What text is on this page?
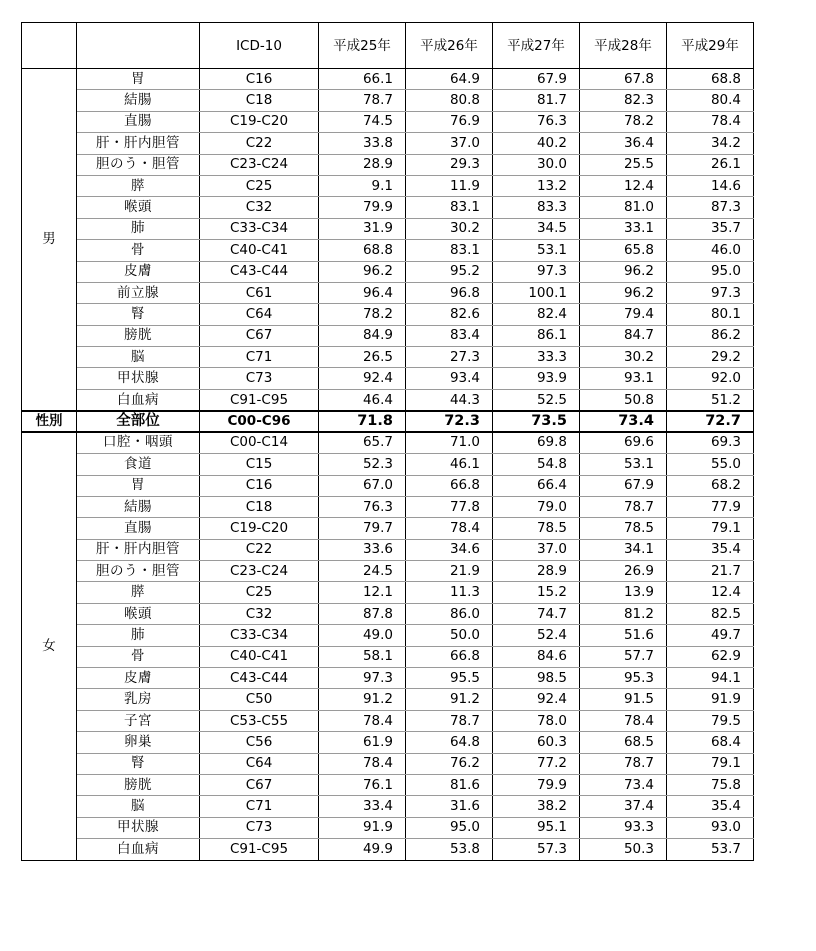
		ICD-10	平成25年	平成26年	平成27年	平成28年	平成29年
男	胃	C16	66.1	64.9	67.9	67.8	68.8
	結腸	C18	78.7	80.8	81.7	82.3	80.4
	直腸	C19-C20	74.5	76.9	76.3	78.2	78.4
	肝・肝内胆管	C22	33.8	37.0	40.2	36.4	34.2
	胆のう・胆管	C23-C24	28.9	29.3	30.0	25.5	26.1
	膵	C25	9.1	11.9	13.2	12.4	14.6
	喉頭	C32	79.9	83.1	83.3	81.0	87.3
	肺	C33-C34	31.9	30.2	34.5	33.1	35.7
	骨	C40-C41	68.8	83.1	53.1	65.8	46.0
	皮膚	C43-C44	96.2	95.2	97.3	96.2	95.0
	前立腺	C61	96.4	96.8	100.1	96.2	97.3
	腎	C64	78.2	82.6	82.4	79.4	80.1
	膀胱	C67	84.9	83.4	86.1	84.7	86.2
	脳	C71	26.5	27.3	33.3	30.2	29.2
	甲状腺	C73	92.4	93.4	93.9	93.1	92.0
	白血病	C91-C95	46.4	44.3	52.5	50.8	51.2
性別	全部位	C00-C96	71.8	72.3	73.5	73.4	72.7
女	口腔・咽頭	C00-C14	65.7	71.0	69.8	69.6	69.3
	食道	C15	52.3	46.1	54.8	53.1	55.0
	胃	C16	67.0	66.8	66.4	67.9	68.2
	結腸	C18	76.3	77.8	79.0	78.7	77.9
	直腸	C19-C20	79.7	78.4	78.5	78.5	79.1
	肝・肝内胆管	C22	33.6	34.6	37.0	34.1	35.4
	胆のう・胆管	C23-C24	24.5	21.9	28.9	26.9	21.7
	膵	C25	12.1	11.3	15.2	13.9	12.4
	喉頭	C32	87.8	86.0	74.7	81.2	82.5
	肺	C33-C34	49.0	50.0	52.4	51.6	49.7
	骨	C40-C41	58.1	66.8	84.6	57.7	62.9
	皮膚	C43-C44	97.3	95.5	98.5	95.3	94.1
	乳房	C50	91.2	91.2	92.4	91.5	91.9
	子宮	C53-C55	78.4	78.7	78.0	78.4	79.5
	卵巣	C56	61.9	64.8	60.3	68.5	68.4
	腎	C64	78.4	76.2	77.2	78.7	79.1
	膀胱	C67	76.1	81.6	79.9	73.4	75.8
	脳	C71	33.4	31.6	38.2	37.4	35.4
	甲状腺	C73	91.9	95.0	95.1	93.3	93.0
	白血病	C91-C95	49.9	53.8	57.3	50.3	53.7
